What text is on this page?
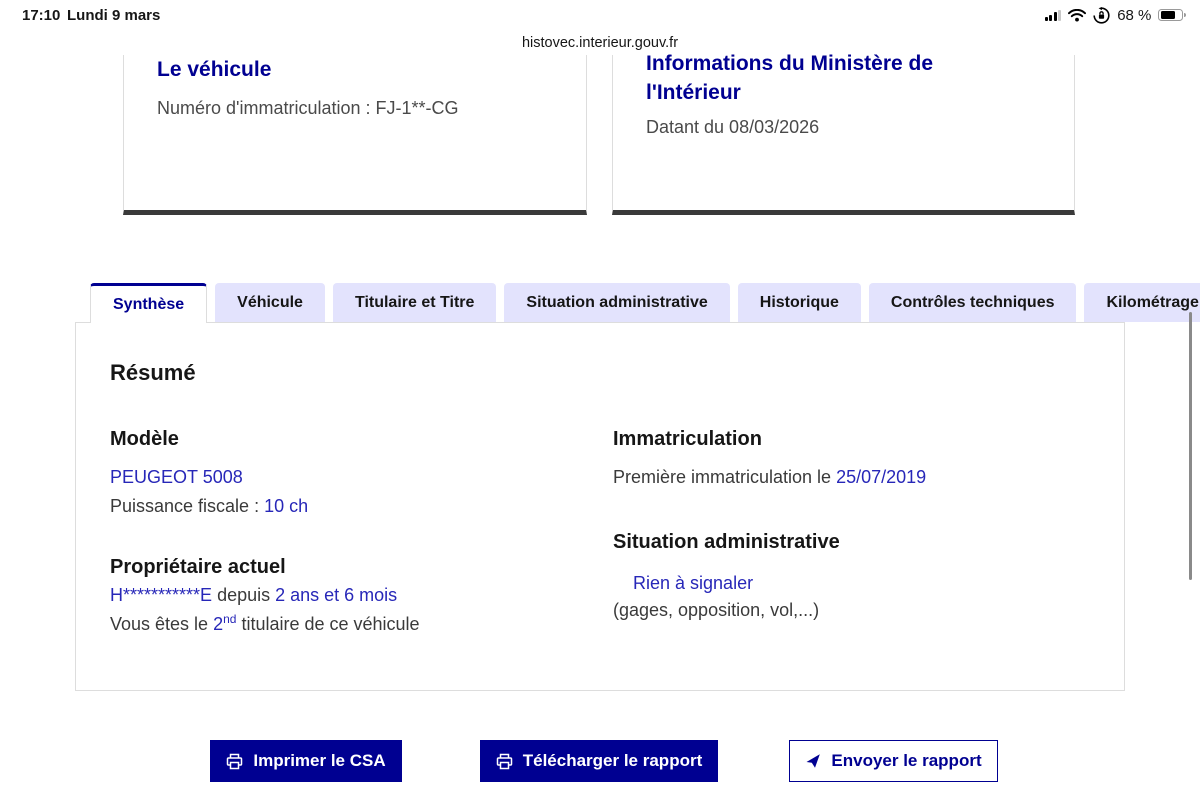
17:10 Lundi 9 mars	68 %
histovec.interieur.gouv.fr
Le véhicule
Numéro d'immatriculation : FJ-1**-CG
Informations du Ministère de l'Intérieur
Datant du 08/03/2026
Synthèse	Véhicule	Titulaire et Titre	Situation administrative	Historique	Contrôles techniques	Kilométrage
Résumé
Modèle
PEUGEOT 5008
Puissance fiscale : 10 ch
Propriétaire actuel
H***********E depuis 2 ans et 6 mois
Vous êtes le 2nd titulaire de ce véhicule
Immatriculation
Première immatriculation le 25/07/2019
Situation administrative
Rien à signaler
(gages, opposition, vol,...)
Imprimer le CSA	Télécharger le rapport	Envoyer le rapport
